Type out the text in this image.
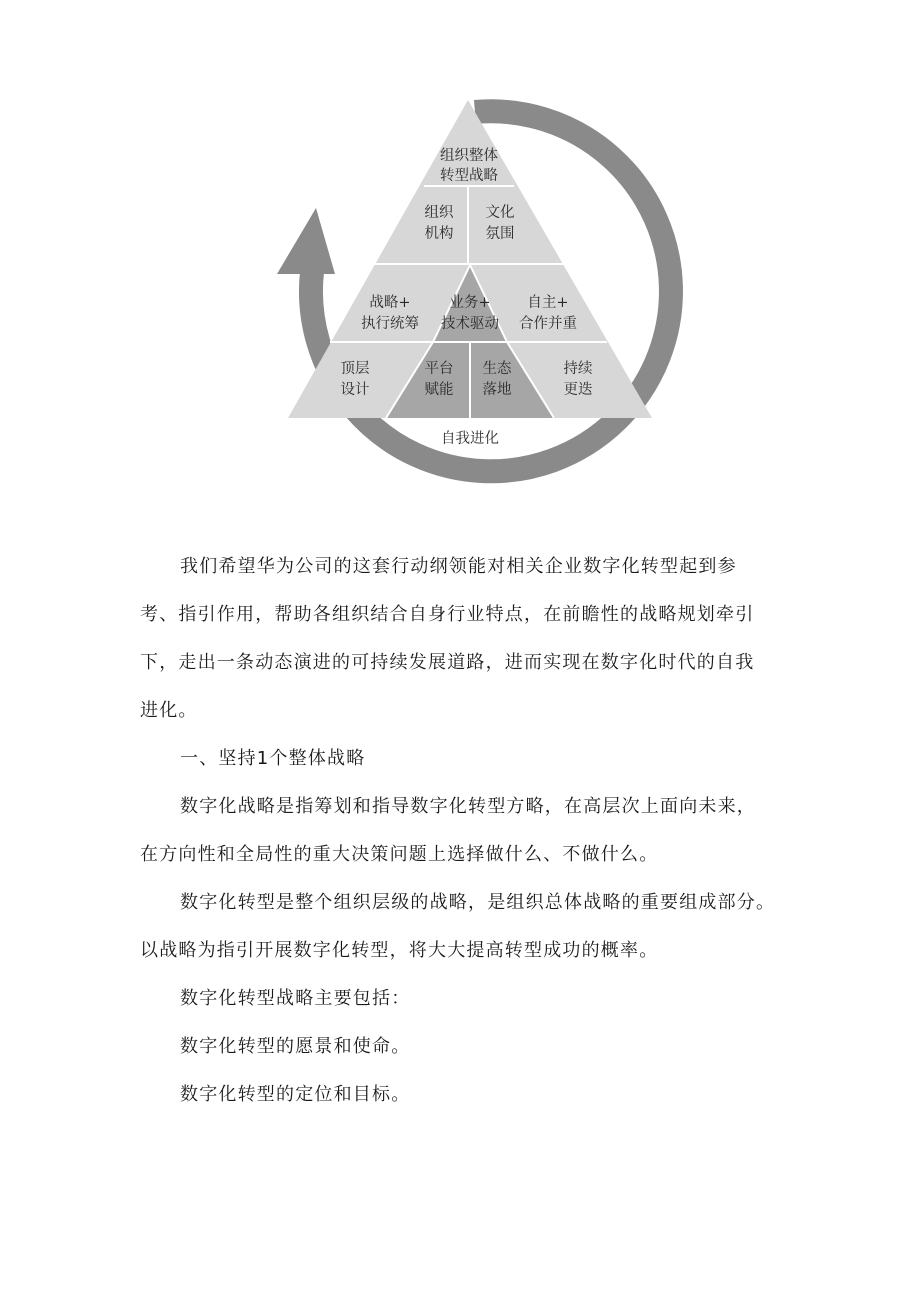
组织整体
转型战略
组织
机构
文化
氛围
战略+
执行统筹
业务+
技术驱动
自主+
合作并重
顶层
设计
平台
赋能
生态
落地
持续
更迭
自我进化

我们希望华为公司的这套行动纲领能对相关企业数字化转型起到参
考、指引作用，帮助各组织结合自身行业特点，在前瞻性的战略规划牵引
下，走出一条动态演进的可持续发展道路，进而实现在数字化时代的自我
进化。

一、坚持1个整体战略

数字化战略是指筹划和指导数字化转型方略，在高层次上面向未来，
在方向性和全局性的重大决策问题上选择做什么、不做什么。

数字化转型是整个组织层级的战略，是组织总体战略的重要组成部分。
以战略为指引开展数字化转型，将大大提高转型成功的概率。

数字化转型战略主要包括：

数字化转型的愿景和使命。

数字化转型的定位和目标。
